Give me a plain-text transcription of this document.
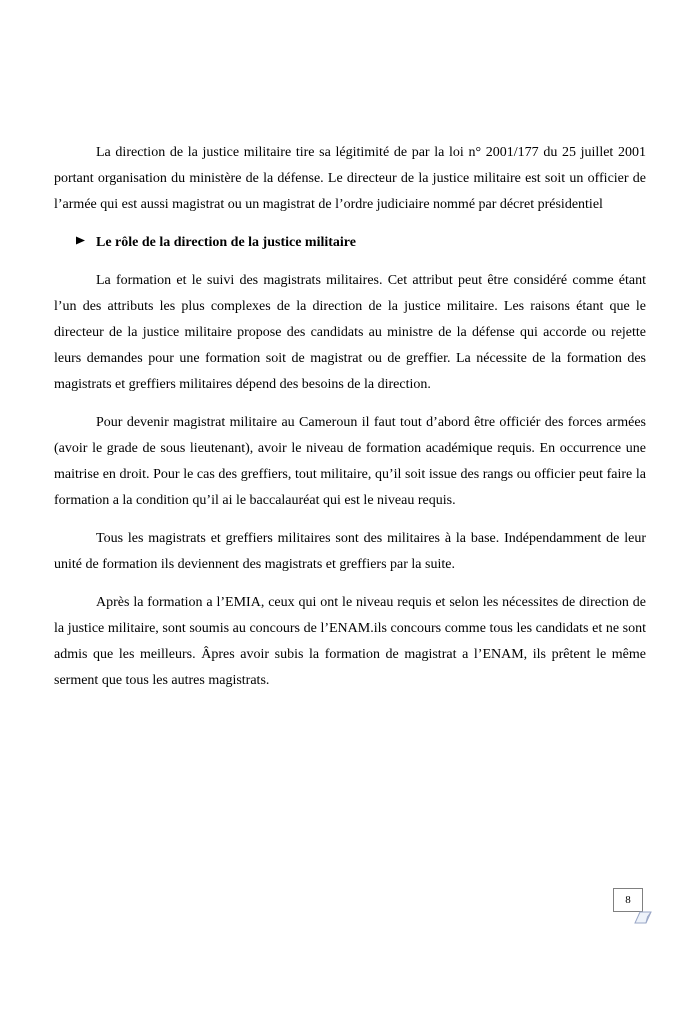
La direction de la justice militaire tire sa légitimité de par la loi n° 2001/177 du 25 juillet 2001 portant organisation du ministère de la défense. Le directeur de la justice militaire est soit un officier de l’armée qui est aussi magistrat ou un magistrat de l’ordre judiciaire nommé par décret présidentiel

Le rôle de la direction de la justice militaire

La formation et le suivi des magistrats militaires. Cet attribut peut être considéré comme étant l’un des attributs les plus complexes de la direction de la justice militaire. Les raisons étant que le directeur de la justice militaire propose des candidats au ministre de la défense qui accorde ou rejette leurs demandes pour une formation soit de magistrat ou de greffier. La nécessite de la formation des magistrats et greffiers militaires dépend des besoins de la direction.

Pour devenir magistrat militaire au Cameroun il faut tout d’abord être officiér des forces armées (avoir le grade de sous lieutenant), avoir le niveau de formation académique requis. En occurrence une maitrise en droit. Pour le cas des greffiers, tout militaire, qu’il soit issue des rangs ou officier peut faire la formation a la condition qu’il ai le baccalauréat qui est le niveau requis.

Tous les magistrats et greffiers militaires sont des militaires à la base. Indépendamment de leur unité de formation ils deviennent des magistrats et greffiers par la suite.

Après la formation a l’EMIA, ceux qui ont le niveau requis et selon les nécessites de direction de la justice militaire, sont soumis au concours de l’ENAM.ils concours comme tous les candidats et ne sont admis que les meilleurs. Âpres avoir subis la formation de magistrat a l’ENAM, ils prêtent le même serment que tous les autres magistrats.

8
